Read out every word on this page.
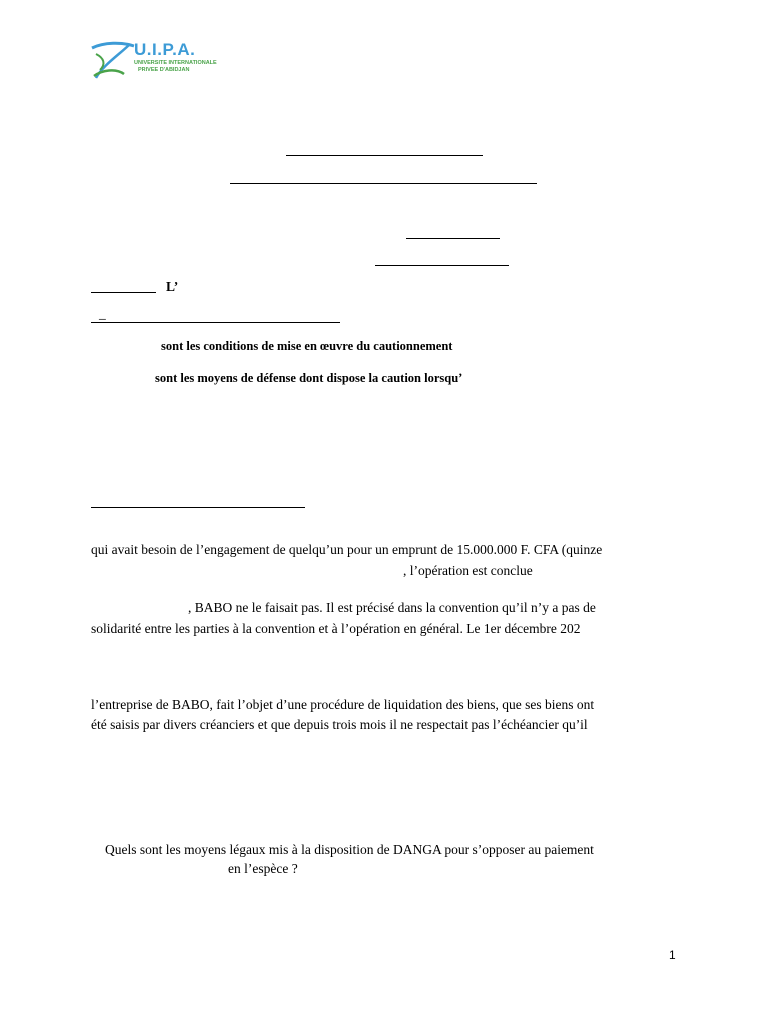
U.I.P.A.
UNIVERSITE INTERNATIONALE
PRIVEE D'ABIDJAN
L’
_
sont les conditions de mise en œuvre du cautionnement
sont les moyens de défense dont dispose la caution lorsqu’
qui avait besoin de l’engagement de quelqu’un pour un emprunt de 15.000.000 F. CFA (quinze
, l’opération est conclue
, BABO ne le faisait pas. Il est précisé dans la convention qu’il n’y a pas de
solidarité entre les parties à la convention et à l’opération en général. Le 1er décembre 202
l’entreprise de BABO, fait l’objet d’une procédure de liquidation des biens, que ses biens ont
été saisis par divers créanciers et que depuis trois mois il ne respectait pas l’échéancier qu’il
Quels sont les moyens légaux mis à la disposition de DANGA pour s’opposer au paiement
en l’espèce ?
1
